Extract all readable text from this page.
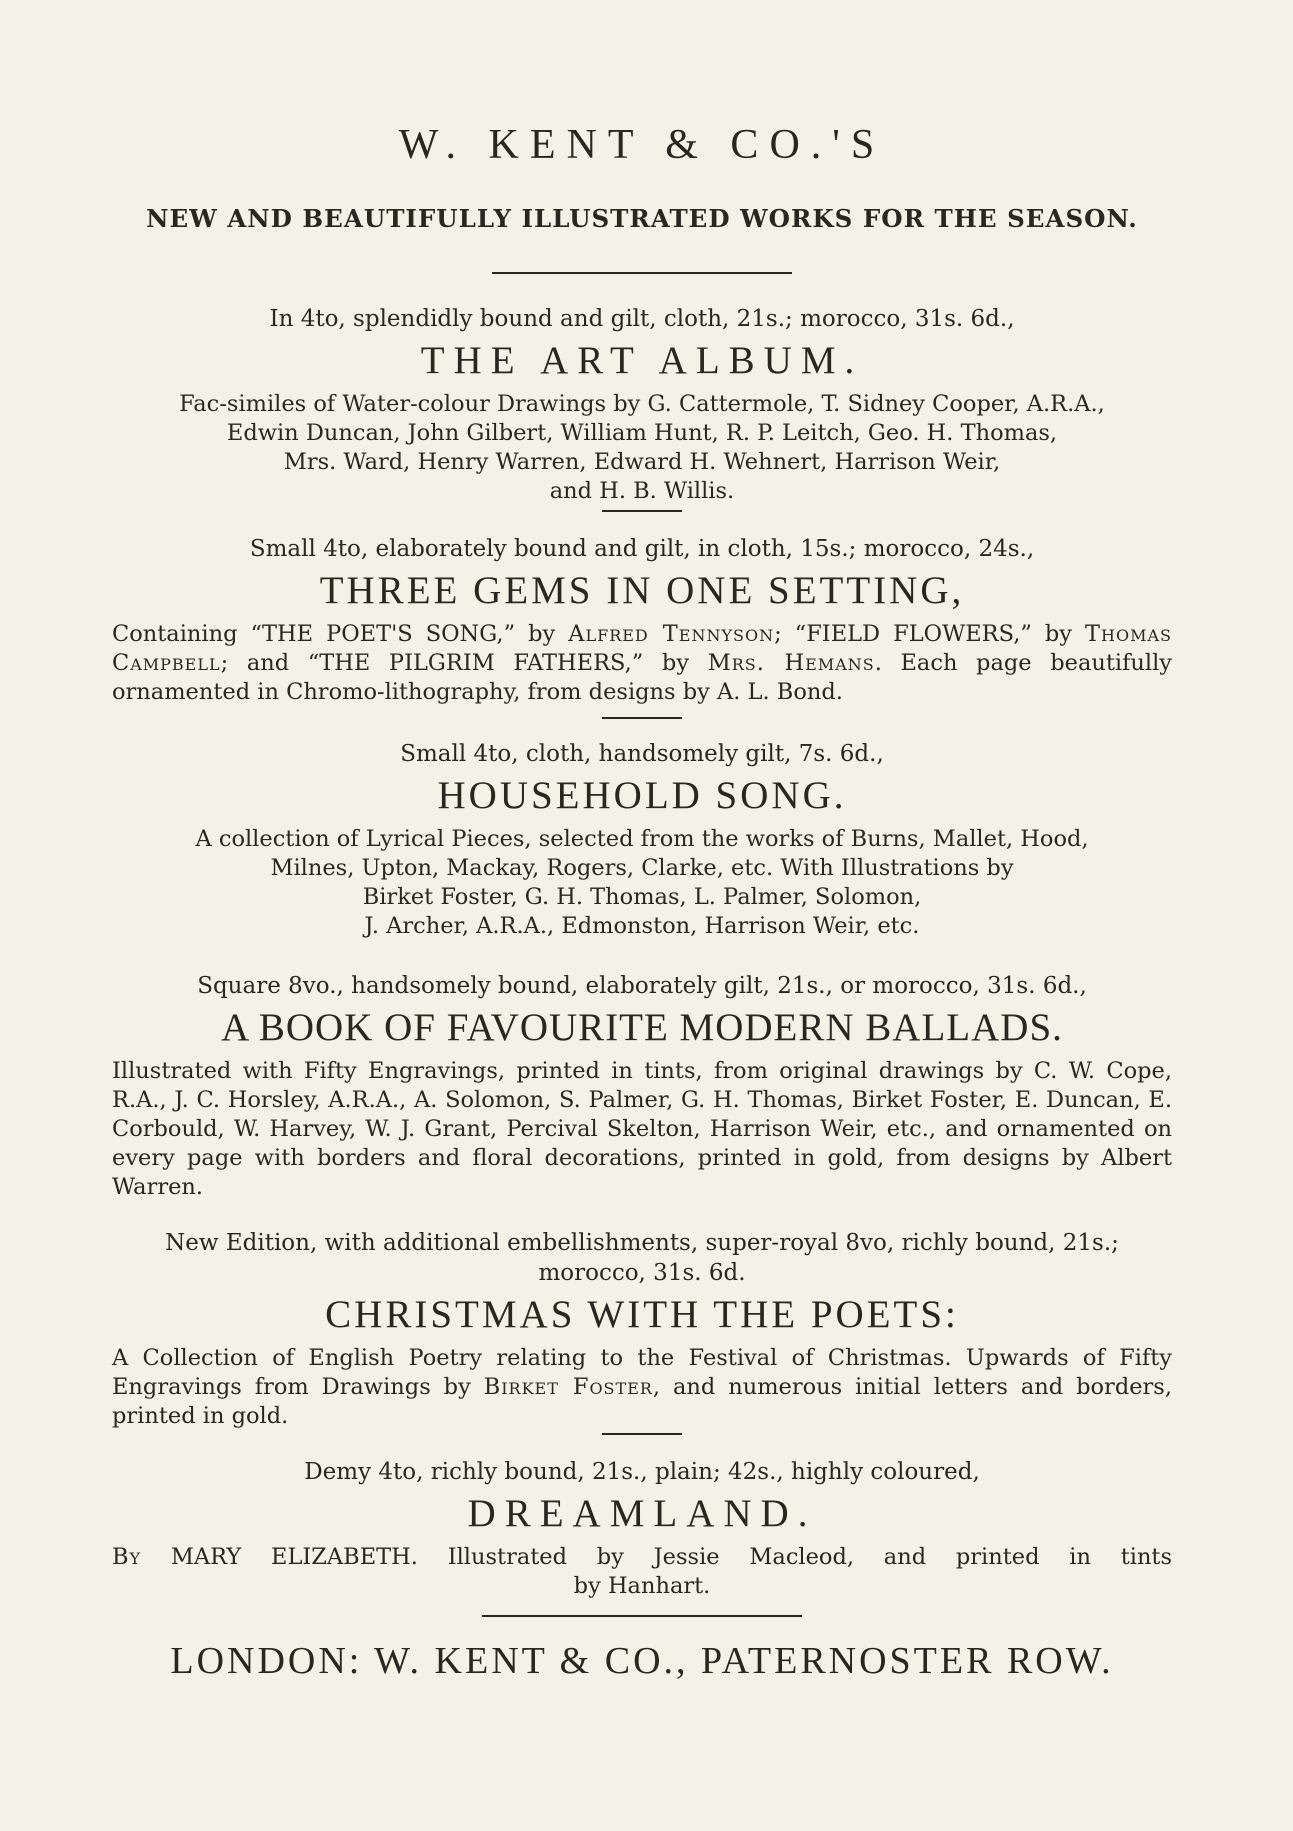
W. KENT & CO.'S
NEW AND BEAUTIFULLY ILLUSTRATED WORKS FOR THE SEASON.
In 4to, splendidly bound and gilt, cloth, 21s.; morocco, 31s. 6d.,
THE ART ALBUM.
Fac-similes of Water-colour Drawings by G. Cattermole, T. Sidney Cooper, A.R.A.,
Edwin Duncan, John Gilbert, William Hunt, R. P. Leitch, Geo. H. Thomas,
Mrs. Ward, Henry Warren, Edward H. Wehnert, Harrison Weir,
and H. B. Willis.
Small 4to, elaborately bound and gilt, in cloth, 15s.; morocco, 24s.,
THREE GEMS IN ONE SETTING,
Containing “THE POET'S SONG,” by Alfred Tennyson; “FIELD FLOWERS,” by Thomas Campbell; and “THE PILGRIM FATHERS,” by Mrs. Hemans. Each page beautifully ornamented in Chromo-lithography, from designs by A. L. Bond.
Small 4to, cloth, handsomely gilt, 7s. 6d.,
HOUSEHOLD SONG.
A collection of Lyrical Pieces, selected from the works of Burns, Mallet, Hood,
Milnes, Upton, Mackay, Rogers, Clarke, etc. With Illustrations by
Birket Foster, G. H. Thomas, L. Palmer, Solomon,
J. Archer, A.R.A., Edmonston, Harrison Weir, etc.
Square 8vo., handsomely bound, elaborately gilt, 21s., or morocco, 31s. 6d.,
A BOOK OF FAVOURITE MODERN BALLADS.
Illustrated with Fifty Engravings, printed in tints, from original drawings by C. W. Cope, R.A., J. C. Horsley, A.R.A., A. Solomon, S. Palmer, G. H. Thomas, Birket Foster, E. Duncan, E. Corbould, W. Harvey, W. J. Grant, Percival Skelton, Harrison Weir, etc., and ornamented on every page with borders and floral decorations, printed in gold, from designs by Albert Warren.
New Edition, with additional embellishments, super-royal 8vo, richly bound, 21s.;
morocco, 31s. 6d.
CHRISTMAS WITH THE POETS:
A Collection of English Poetry relating to the Festival of Christmas. Upwards of Fifty Engravings from Drawings by Birket Foster, and numerous initial letters and borders, printed in gold.
Demy 4to, richly bound, 21s., plain; 42s., highly coloured,
DREAMLAND.
By MARY ELIZABETH. Illustrated by Jessie Macleod, and printed in tints
by Hanhart.
LONDON: W. KENT & CO., PATERNOSTER ROW.
